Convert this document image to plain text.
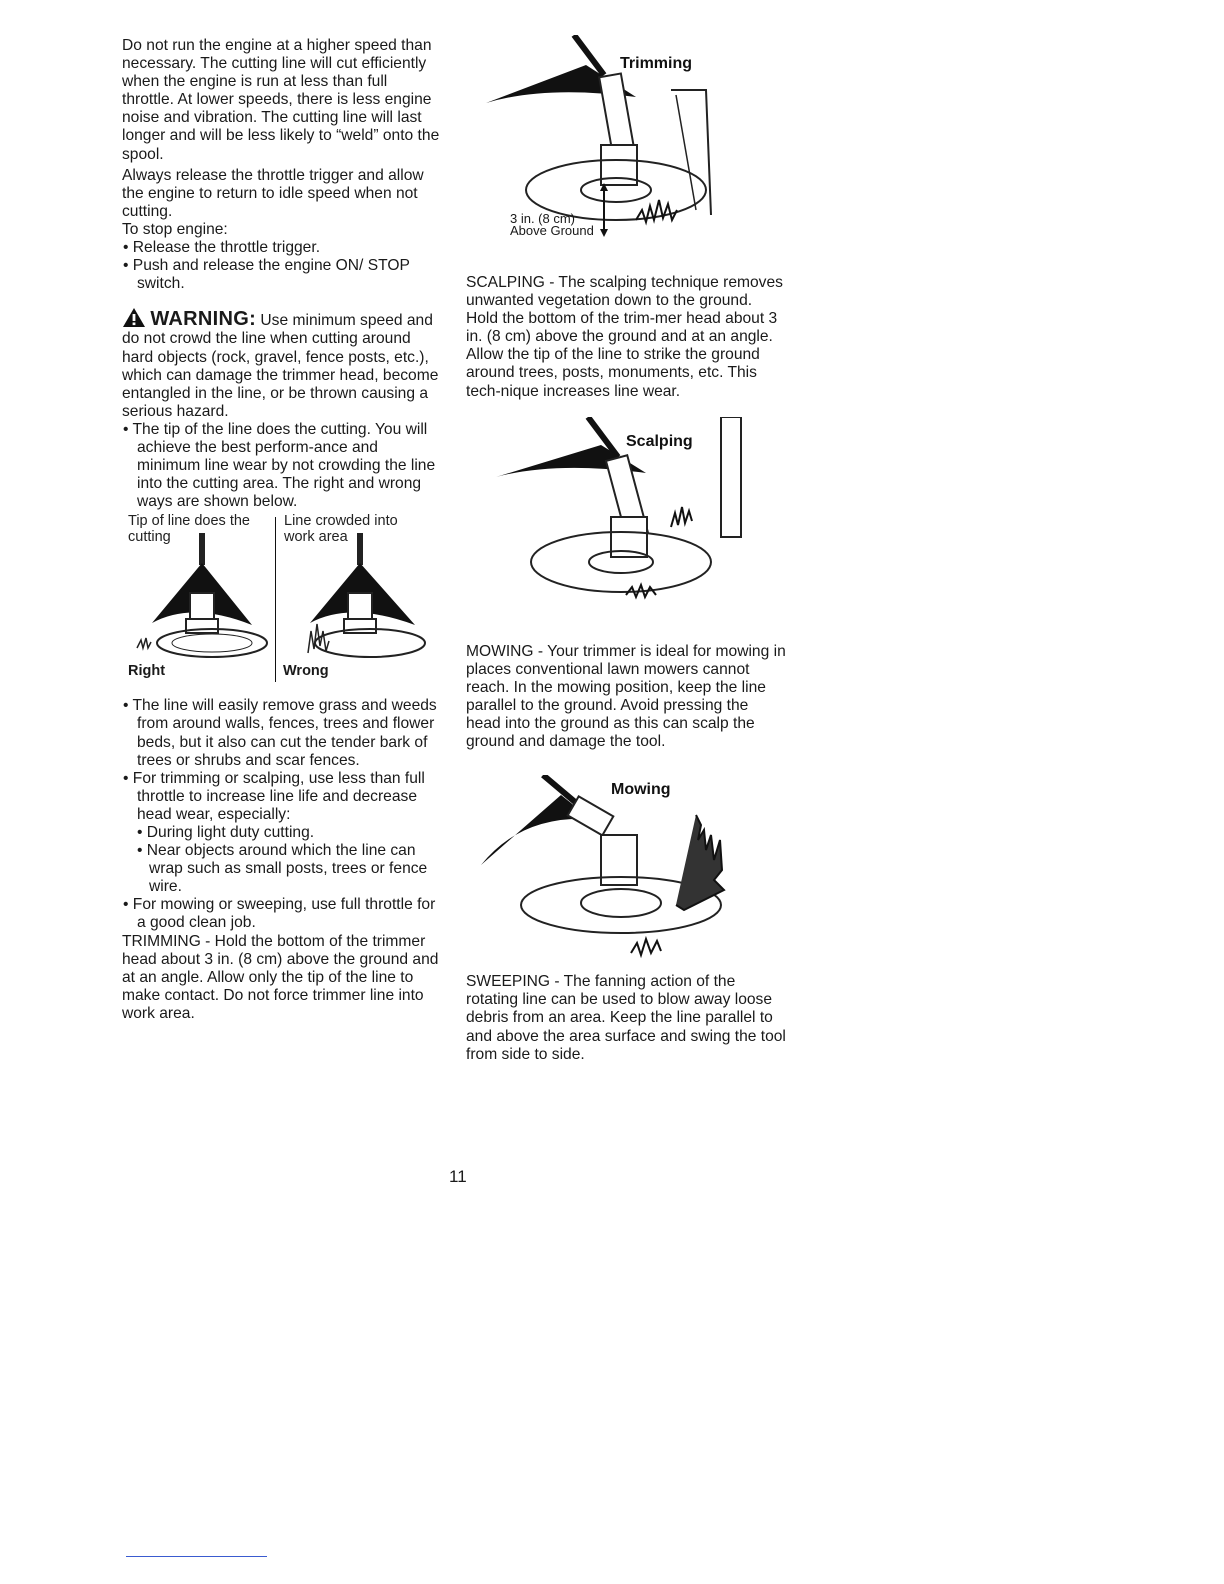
Do not run the engine at a higher speed than necessary. The cutting line will cut efficiently when the engine is run at less than full throttle. At lower speeds, there is less engine noise and vibration. The cutting line will last longer and will be less likely to “weld” onto the spool.

Always release the throttle trigger and allow the engine to return to idle speed when not cutting.

To stop engine:

• Release the throttle trigger.

• Push and release the engine ON/ STOP switch.

WARNING: Use minimum speed and do not crowd the line when cutting around hard objects (rock, gravel, fence posts, etc.), which can damage the trimmer head, become entangled in the line, or be thrown causing a serious hazard.

• The tip of the line does the cutting. You will achieve the best perform-ance and minimum line wear by not crowding the line into the cutting area. The right and wrong ways are shown below.

Tip of line does the cutting
Line crowded into work area
Right	Wrong

• The line will easily remove grass and weeds from around walls, fences, trees and flower beds, but it also can cut the tender bark of trees or shrubs and scar fences.

• For trimming or scalping, use less than full throttle to increase line life and decrease head wear, especially:

• During light duty cutting.

• Near objects around which the line can wrap such as small posts, trees or fence wire.

• For mowing or sweeping, use full throttle for a good clean job.

TRIMMING - Hold the bottom of the trimmer head about 3 in. (8 cm) above the ground and at an angle. Allow only the tip of the line to make contact. Do not force trimmer line into work area.

Trimming
3 in. (8 cm)
Above Ground

SCALPING - The scalping technique removes unwanted vegetation down to the ground. Hold the bottom of the trim-mer head about 3 in. (8 cm) above the ground and at an angle. Allow the tip of the line to strike the ground around trees, posts, monuments, etc. This tech-nique increases line wear.

Scalping

MOWING - Your trimmer is ideal for mowing in places conventional lawn mowers cannot reach. In the mowing position, keep the line parallel to the ground. Avoid pressing the head into the ground as this can scalp the ground and damage the tool.

Mowing

SWEEPING - The fanning action of the rotating line can be used to blow away loose debris from an area. Keep the line parallel to and above the area surface and swing the tool from side to side.

11
